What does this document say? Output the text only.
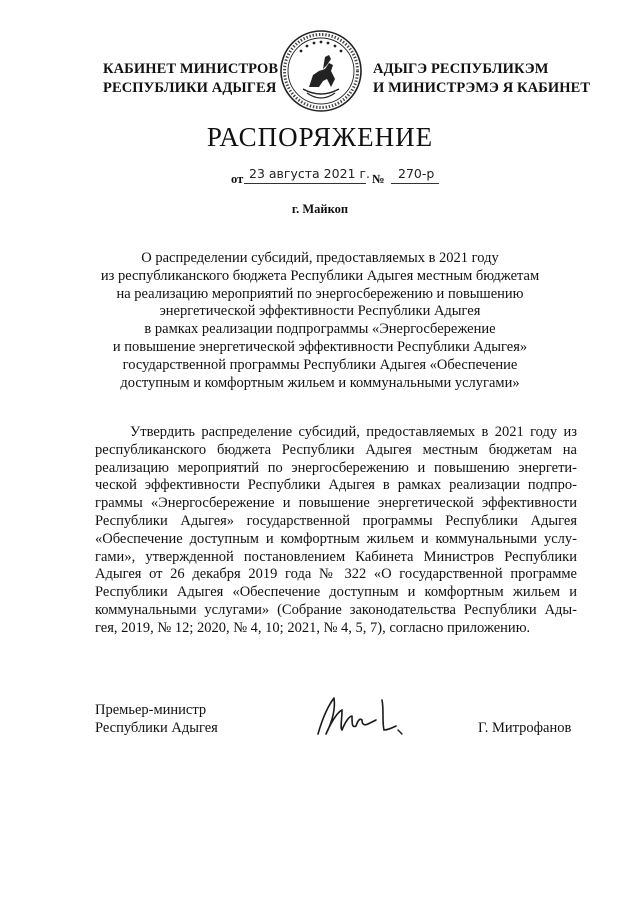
КАБИНЕТ МИНИСТРОВ
РЕСПУБЛИКИ АДЫГЕЯ
АДЫГЭ РЕСПУБЛИКЭМ
И МИНИСТРЭМЭ Я КАБИНЕТ
РАСПОРЯЖЕНИЕ
от 23 августа 2021 г. № 270-р
г. Майкоп
О распределении субсидий, предоставляемых в 2021 году
из республиканского бюджета Республики Адыгея местным бюджетам
на реализацию мероприятий по энергосбережению и повышению
энергетической эффективности Республики Адыгея
в рамках реализации подпрограммы «Энергосбережение
и повышение энергетической эффективности Республики Адыгея»
государственной программы Республики Адыгея «Обеспечение
доступным и комфортным жильем и коммунальными услугами»
Утвердить распределение субсидий, предоставляемых в 2021 году из
республиканского бюджета Республики Адыгея местным бюджетам на
реализацию мероприятий по энергосбережению и повышению энергети-
ческой эффективности Республики Адыгея в рамках реализации подпро-
граммы «Энергосбережение и повышение энергетической эффективности
Республики Адыгея» государственной программы Республики Адыгея
«Обеспечение доступным и комфортным жильем и коммунальными услу-
гами», утвержденной постановлением Кабинета Министров Республики
Адыгея от 26 декабря 2019 года № 322 «О государственной программе
Республики Адыгея «Обеспечение доступным и комфортным жильем и
коммунальными услугами» (Собрание законодательства Республики Ады-
гея, 2019, № 12; 2020, № 4, 10; 2021, № 4, 5, 7), согласно приложению.
Премьер-министр
Республики Адыгея	Г. Митрофанов
